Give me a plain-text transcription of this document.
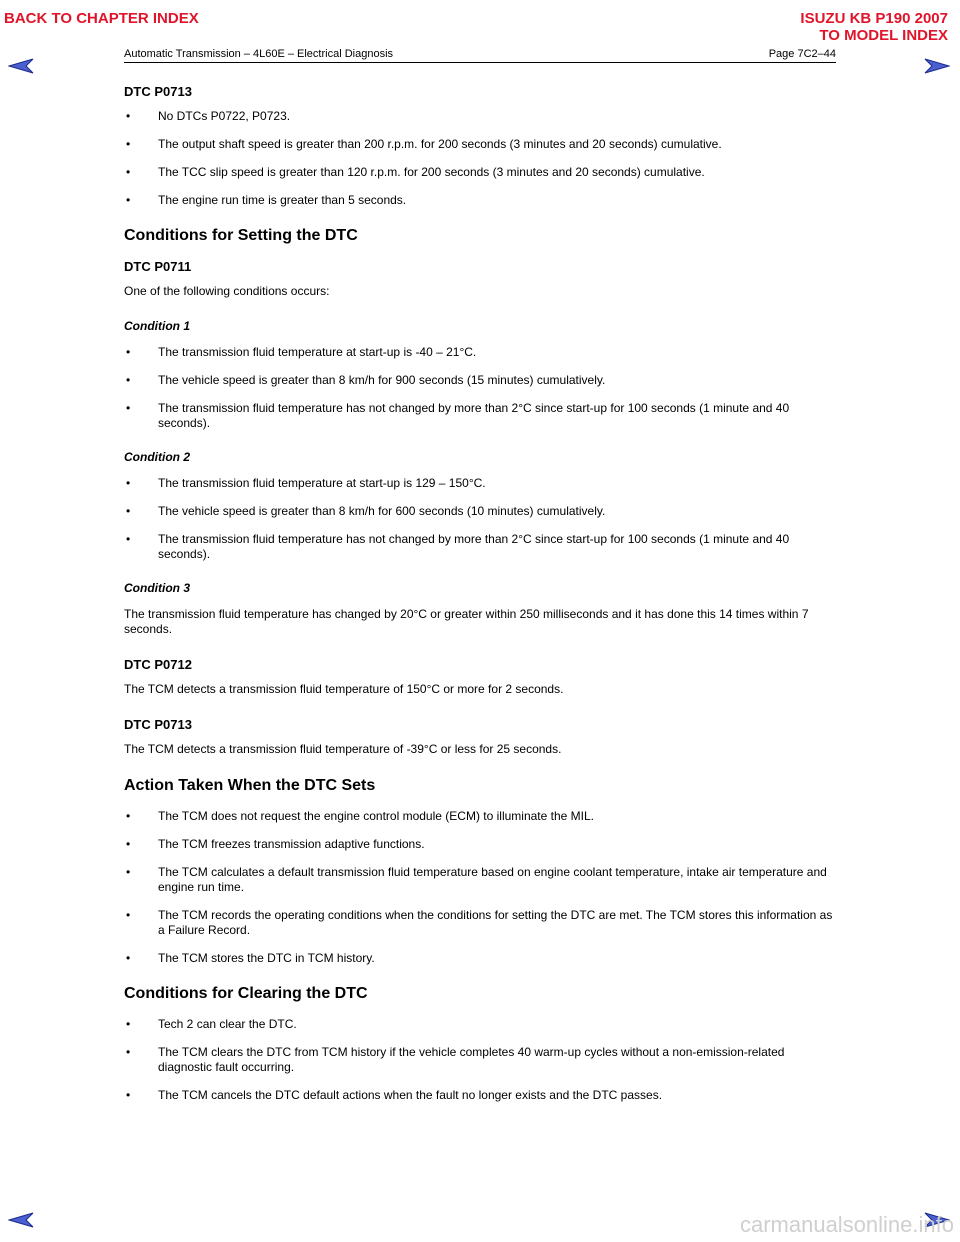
BACK TO CHAPTER INDEX	ISUZU KB P190 2007
TO MODEL INDEX
Automatic Transmission – 4L60E – Electrical Diagnosis	Page 7C2–44
DTC P0713
• No DTCs P0722, P0723.
• The output shaft speed is greater than 200 r.p.m. for 200 seconds (3 minutes and 20 seconds) cumulative.
• The TCC slip speed is greater than 120 r.p.m. for 200 seconds (3 minutes and 20 seconds) cumulative.
• The engine run time is greater than 5 seconds.
Conditions for Setting the DTC
DTC P0711

One of the following conditions occurs:

Condition 1
• The transmission fluid temperature at start-up is -40 – 21°C.
• The vehicle speed is greater than 8 km/h for 900 seconds (15 minutes) cumulatively.
• The transmission fluid temperature has not changed by more than 2°C since start-up for 100 seconds (1 minute and 40 seconds).
Condition 2
• The transmission fluid temperature at start-up is 129 – 150°C.
• The vehicle speed is greater than 8 km/h for 600 seconds (10 minutes) cumulatively.
• The transmission fluid temperature has not changed by more than 2°C since start-up for 100 seconds (1 minute and 40 seconds).
Condition 3

The transmission fluid temperature has changed by 20°C or greater within 250 milliseconds and it has done this 14 times within 7 seconds.

DTC P0712

The TCM detects a transmission fluid temperature of 150°C or more for 2 seconds.

DTC P0713

The TCM detects a transmission fluid temperature of -39°C or less for 25 seconds.

Action Taken When the DTC Sets
• The TCM does not request the engine control module (ECM) to illuminate the MIL.
• The TCM freezes transmission adaptive functions.
• The TCM calculates a default transmission fluid temperature based on engine coolant temperature, intake air temperature and engine run time.
• The TCM records the operating conditions when the conditions for setting the DTC are met. The TCM stores this information as a Failure Record.
• The TCM stores the DTC in TCM history.
Conditions for Clearing the DTC
• Tech 2 can clear the DTC.
• The TCM clears the DTC from TCM history if the vehicle completes 40 warm-up cycles without a non-emission-related diagnostic fault occurring.
• The TCM cancels the DTC default actions when the fault no longer exists and the DTC passes.
carmanualsonline.info
